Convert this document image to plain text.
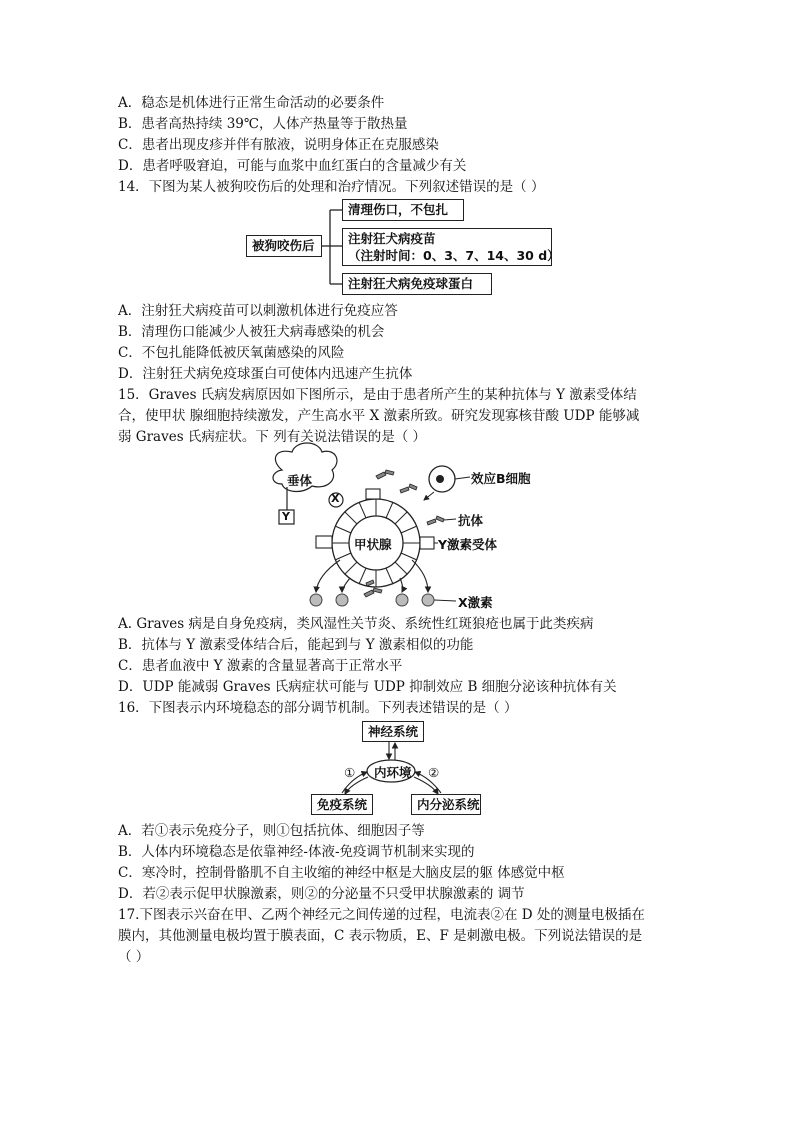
A．稳态是机体进行正常生命活动的必要条件
B．患者高热持续 39℃，人体产热量等于散热量
C．患者出现皮疹并伴有脓液，说明身体正在克服感染
D．患者呼吸窘迫，可能与血浆中血红蛋白的含量减少有关
14．下图为某人被狗咬伤后的处理和治疗情况。下列叙述错误的是（ ）
被狗咬伤后
清理伤口，不包扎
注射狂犬病疫苗
（注射时间：0、3、7、14、30 d）
注射狂犬病免疫球蛋白
A．注射狂犬病疫苗可以刺激机体进行免疫应答
B．清理伤口能减少人被狂犬病毒感染的机会
C．不包扎能降低被厌氧菌感染的风险
D．注射狂犬病免疫球蛋白可使体内迅速产生抗体
15．Graves 氏病发病原因如下图所示，是由于患者所产生的某种抗体与 Y 激素受体结
合，使甲状 腺细胞持续激发，产生高水平 X 激素所致。研究发现寡核苷酸 UDP 能够减
弱 Graves 氏病症状。下 列有关说法错误的是（ ）
垂体
X
Y
效应B细胞
抗体
甲状腺	Y激素受体
X激素
A. Graves 病是自身免疫病，类风湿性关节炎、系统性红斑狼疮也属于此类疾病
B．抗体与 Y 激素受体结合后，能起到与 Y 激素相似的功能
C．患者血液中 Y 激素的含量显著高于正常水平
D．UDP 能减弱 Graves 氏病症状可能与 UDP 抑制效应 B 细胞分泌该种抗体有关
16．下图表示内环境稳态的部分调节机制。下列表述错误的是（ ）
神经系统
内环境
①	②
免疫系统	内分泌系统
A．若①表示免疫分子，则①包括抗体、细胞因子等
B．人体内环境稳态是依靠神经-体液-免疫调节机制来实现的
C．寒冷时，控制骨骼肌不自主收缩的神经中枢是大脑皮层的躯 体感觉中枢
D．若②表示促甲状腺激素，则②的分泌量不只受甲状腺激素的 调节
17.下图表示兴奋在甲、乙两个神经元之间传递的过程，电流表②在 D 处的测量电极插在
膜内，其他测量电极均置于膜表面，C 表示物质，E、F 是刺激电极。下列说法错误的是
（ ）
